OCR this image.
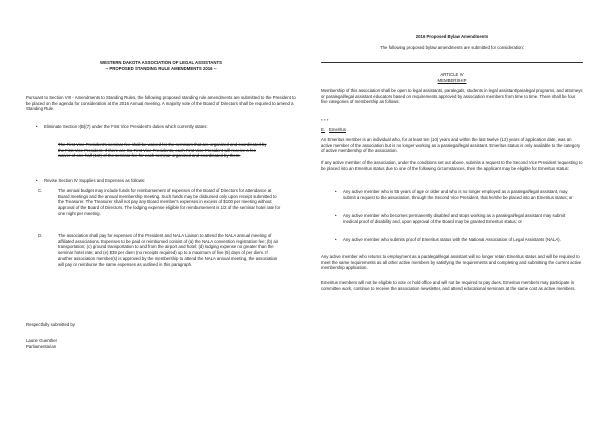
WESTERN DAKOTA ASSOCIATION OF LEGAL ASSISTANTS

-- PROPOSED STANDING RULE AMENDMENTS 2016 --

Pursuant to Section VIII - Amendments to Standing Rules, the following proposed standing rule amendments are submitted to the President to be placed on the agenda for consideration at the 2016 Annual meeting. A majority vote of the Board of Directors shall be required to amend a Standing Rule.

•	Eliminate Section I(B)(7) under the First Vice President's duties which currently states:

The First Vice President's seminar fee shall be waived for the seminars that are organized and coordinated by the First Vice President. If there are Co-First Vice Presidents, each First Vice President will receive a fee waiver of one-half (1/2) of the seminar fee for each seminar organized and coordinated by them.

•	Revise Section IV Supplies and Expenses as follows:
C.	The annual budget may include funds for reimbursement of expenses of the Board of Directors for attendance at Board meetings and the annual membership meeting. Such funds may be disbursed only upon receipt submitted to the Treasurer. The Treasurer shall not pay any Board member's expenses in excess of $100 per meeting without approval of the Board of Directors. The lodging expense eligible for reimbursement is 1/2 of the seminar hotel rate for one night per meeting.
D.	The association shall pay for expenses of the President and NALA Liaison to attend the NALA annual meeting of affiliated associations. Expenses to be paid or reimbursed consist of (a) the NALA convention registration fee; (b) air transportation; (c) ground transportation to and from the airport and hotel; (d) lodging expense no greater than the seminar hotel rate; and (e) $39 per diem (no receipts required) up to a maximum of five (5) days of per diem. If another association member(s) is approved by the membership to attend the NALA annual meeting, the association will pay or reimburse the same expenses as outlined in this paragraph.

Respectfully submitted by

Laurie Guenther

Parliamentarian

2016 Proposed Bylaw Amendments

The following proposed bylaw amendments are submitted for consideration:

ARTICLE IV

MEMBERSHIP

Membership of this association shall be open to legal assistants, paralegals, students in legal assistant/paralegal programs, and attorneys or paralegal/legal assistant educators based on requirements approved by association members from time to time. There shall be four five categories of membership as follows:

* * *

E. Emeritus

An Emeritus member is an individual who, for at least ten (10) years and within the last twelve (12) years of application date, was an active member of the association but is no longer working as a paralegal/legal assistant. Emeritus status is only available to the category of active membership of the association.

If any active member of the association, under the conditions set out above, submits a request to the Second Vice President requesting to be placed into an Emeritus status due to one of the following circumstances, then the applicant may be eligible for Emeritus status:

•	Any active member who is 55 years of age or older and who is no longer employed as a paralegal/legal assistant, may submit a request to the association, through the Second Vice President, that he/she be placed into an Emeritus status; or
•	Any active member who becomes permanently disabled and stops working as a paralegal/legal assistant may submit medical proof of disability and, upon approval of the Board may be granted Emeritus status; or
•	Any active member who submits proof of Emeritus status with the National Association of Legal Assistants (NALA).

Any active member who returns to employment as a paralegal/legal assistant will no longer retain Emeritus status and will be required to meet the same requirements as all other active members by satisfying the requirements and completing and submitting the current active membership application.

Emeritus members will not be eligible to vote or hold office and will not be required to pay dues. Emeritus members may participate in committee work, continue to receive the association newsletter, and attend educational seminars at the same cost as active members.
